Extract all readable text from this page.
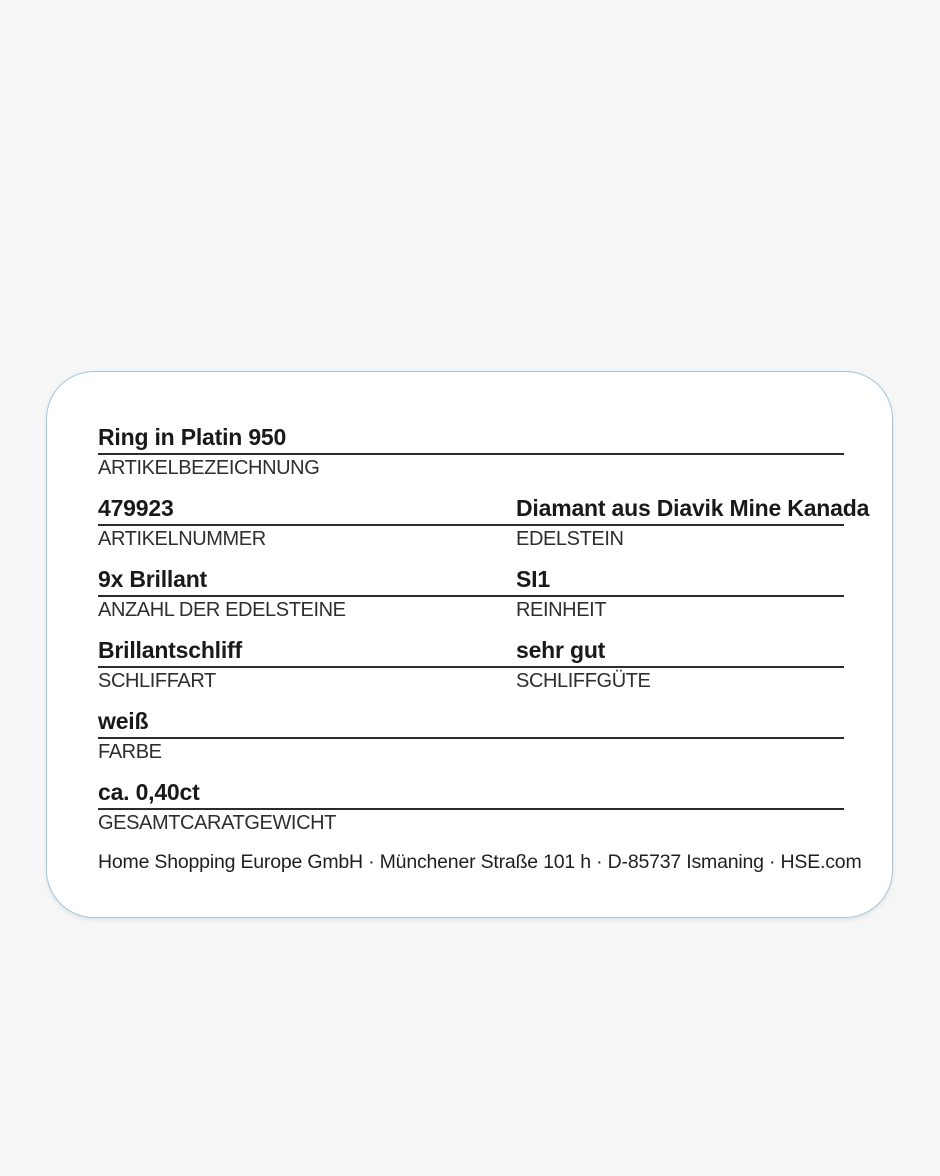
Ring in Platin 950
ARTIKELBEZEICHNUNG
479923	Diamant aus Diavik Mine Kanada
ARTIKELNUMMER	EDELSTEIN
9x Brillant	SI1
ANZAHL DER EDELSTEINE	REINHEIT
Brillantschliff	sehr gut
SCHLIFFART	SCHLIFFGÜTE
weiß
FARBE
ca. 0,40ct
GESAMTCARATGEWICHT
Home Shopping Europe GmbH · Münchener Straße 101 h · D-85737 Ismaning · HSE.com
